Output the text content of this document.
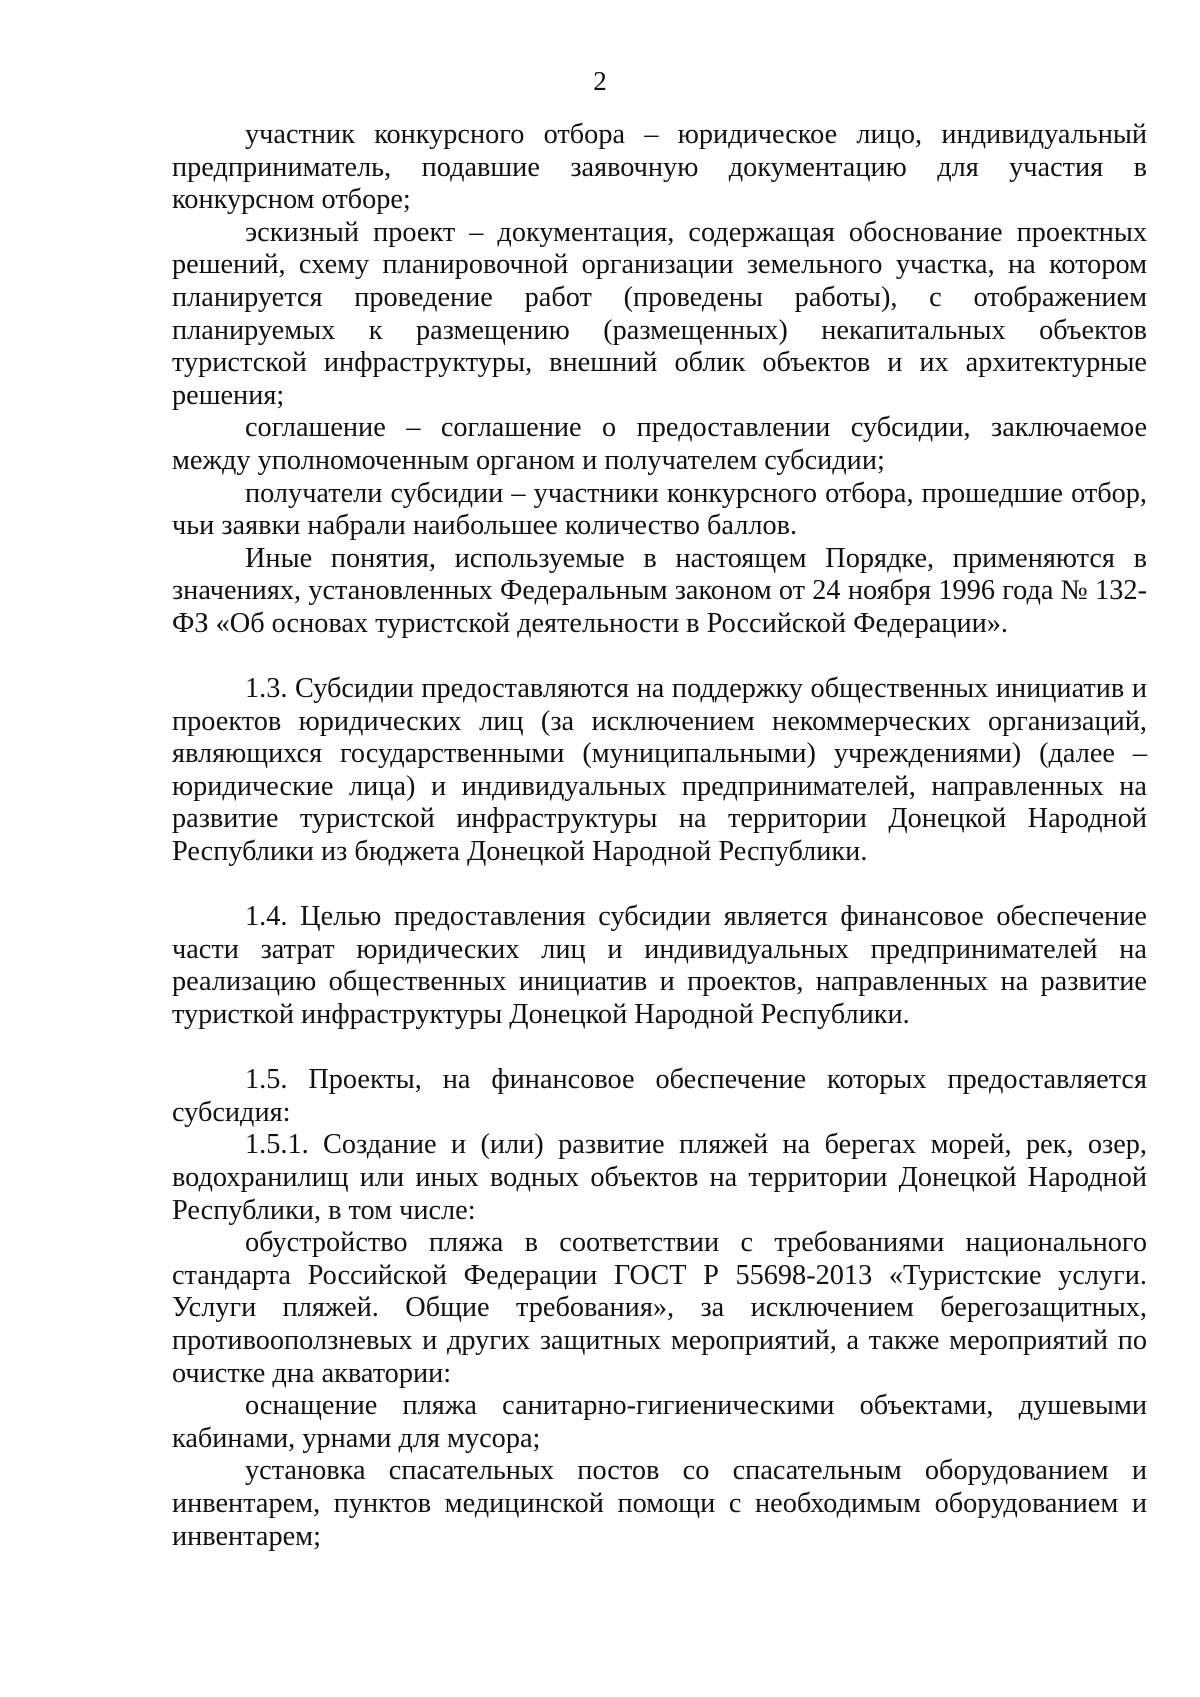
2

участник конкурсного отбора – юридическое лицо, индивидуальный предприниматель, подавшие заявочную документацию для участия в конкурсном отборе;

эскизный проект – документация, содержащая обоснование проектных решений, схему планировочной организации земельного участка, на котором планируется проведение работ (проведены работы), с отображением планируемых к размещению (размещенных) некапитальных объектов туристской инфраструктуры, внешний облик объектов и их архитектурные решения;

соглашение – соглашение о предоставлении субсидии, заключаемое между уполномоченным органом и получателем субсидии;

получатели субсидии – участники конкурсного отбора, прошедшие отбор, чьи заявки набрали наибольшее количество баллов.

Иные понятия, используемые в настоящем Порядке, применяются в значениях, установленных Федеральным законом от 24 ноября 1996 года № 132-ФЗ «Об основах туристской деятельности в Российской Федерации».

1.3. Субсидии предоставляются на поддержку общественных инициатив и проектов юридических лиц (за исключением некоммерческих организаций, являющихся государственными (муниципальными) учреждениями) (далее – юридические лица) и индивидуальных предпринимателей, направленных на развитие туристской инфраструктуры на территории Донецкой Народной Республики из бюджета Донецкой Народной Республики.

1.4. Целью предоставления субсидии является финансовое обеспечение части затрат юридических лиц и индивидуальных предпринимателей на реализацию общественных инициатив и проектов, направленных на развитие туристкой инфраструктуры Донецкой Народной Республики.

1.5. Проекты, на финансовое обеспечение которых предоставляется субсидия:

1.5.1. Создание и (или) развитие пляжей на берегах морей, рек, озер, водохранилищ или иных водных объектов на территории Донецкой Народной Республики, в том числе:

обустройство пляжа в соответствии с требованиями национального стандарта Российской Федерации ГОСТ Р 55698-2013 «Туристские услуги. Услуги пляжей. Общие требования», за исключением берегозащитных, противооползневых и других защитных мероприятий, а также мероприятий по очистке дна акватории:

оснащение пляжа санитарно-гигиеническими объектами, душевыми кабинами, урнами для мусора;

установка спасательных постов со спасательным оборудованием и инвентарем, пунктов медицинской помощи с необходимым оборудованием и инвентарем;
